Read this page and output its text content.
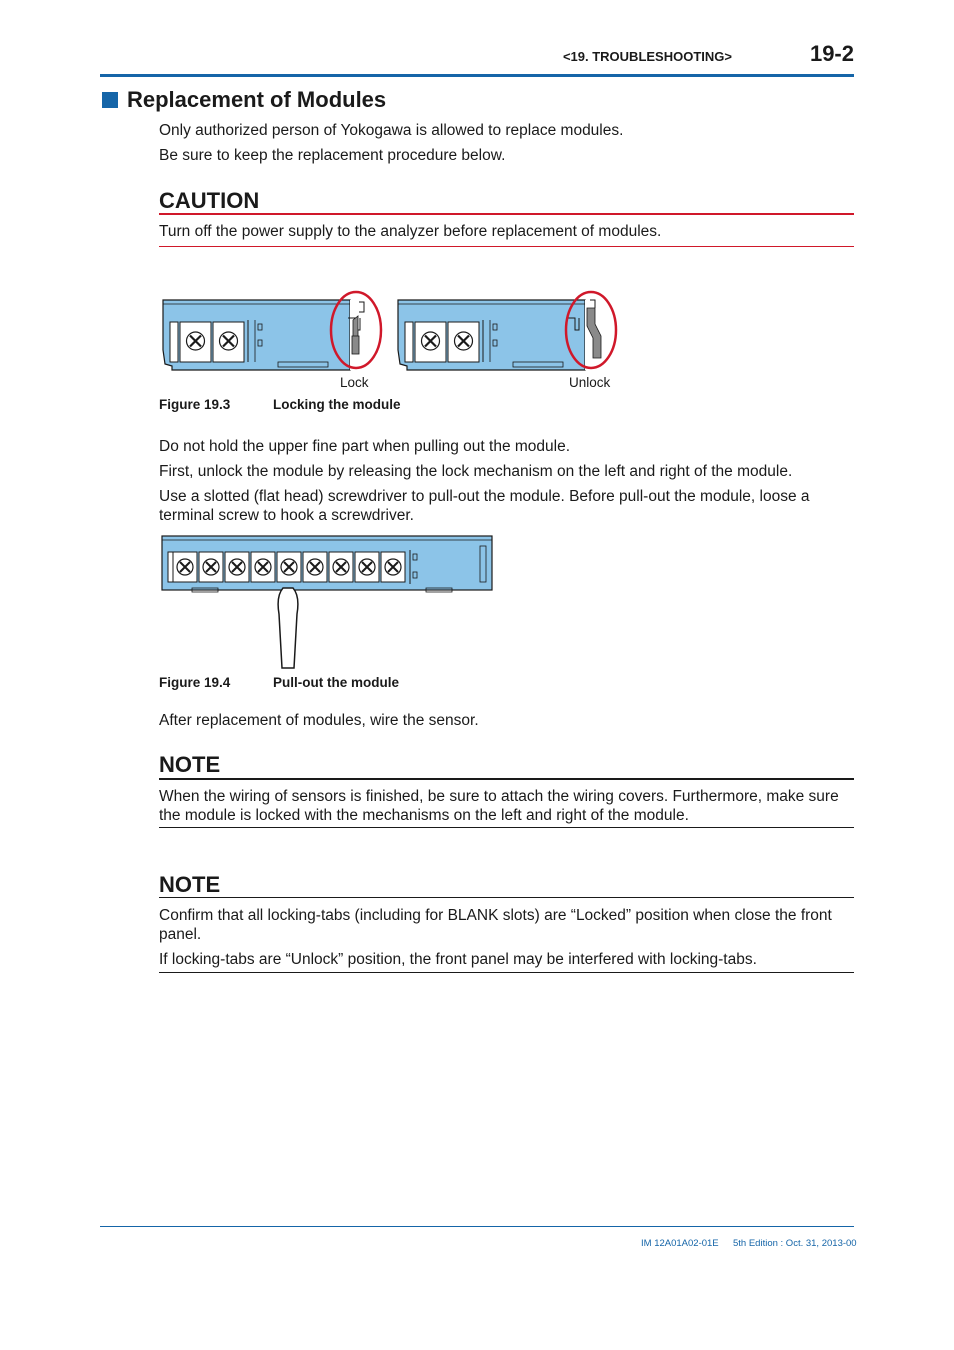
<19. TROUBLESHOOTING>	19-2
Replacement of Modules
Only authorized person of Yokogawa is allowed to replace modules.
Be sure to keep the replacement procedure below.
CAUTION
Turn off the power supply to the analyzer before replacement of modules.
Lock	Unlock
Figure 19.3	Locking the module
Do not hold the upper fine part when pulling out the module.
First, unlock the module by releasing the lock mechanism on the left and right of the module.
Use a slotted (flat head) screwdriver to pull-out the module. Before pull-out the module, loose a terminal screw to hook a screwdriver.
Figure 19.4	Pull-out the module
After replacement of modules, wire the sensor.
NOTE
When the wiring of sensors is finished, be sure to attach the wiring covers. Furthermore, make sure the module is locked with the mechanisms on the left and right of the module.
NOTE
Confirm that all locking-tabs (including for BLANK slots) are “Locked” position when close the front panel.
If locking-tabs are “Unlock” position, the front panel may be interfered with locking-tabs.
IM 12A01A02-01E 5th Edition : Oct. 31, 2013-00
